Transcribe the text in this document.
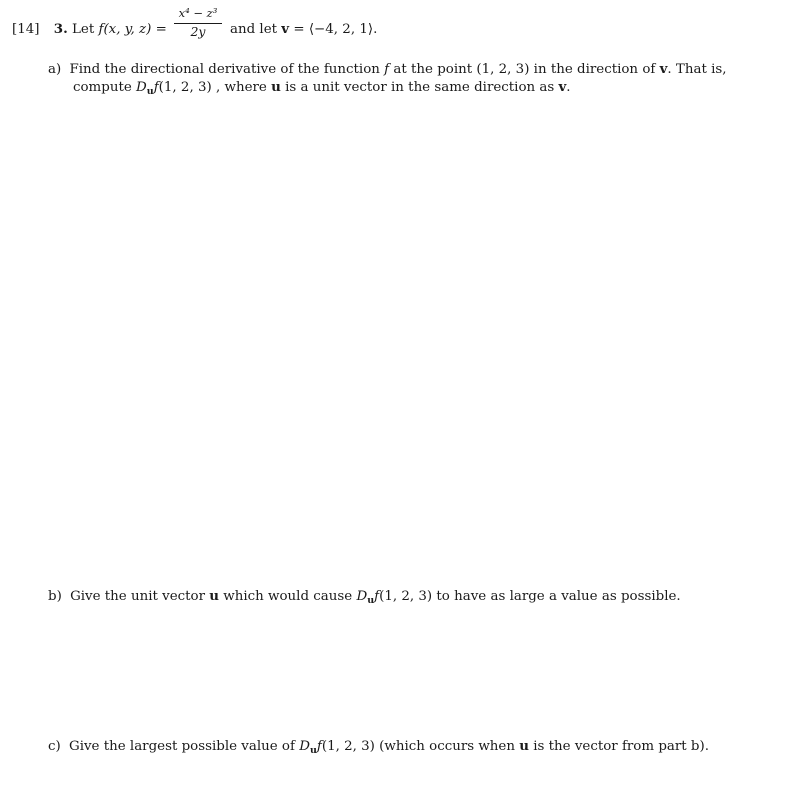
[14] 3. Let f(x, y, z) =
x⁴ − z³
2y	and let v = ⟨−4, 2, 1⟩.
a) Find the directional derivative of the function f at the point (1, 2, 3) in the direction of v. That is,
compute $D_uf(1$, 2, 3) , where u is a unit vector in the same direction as v.
b) Give the unit vector u which would cause $D_uf(1$, 2, 3) to have as large a value as possible.
c) Give the largest possible value of $D_uf(1$, 2, 3) (which occurs when u is the vector from part b).
